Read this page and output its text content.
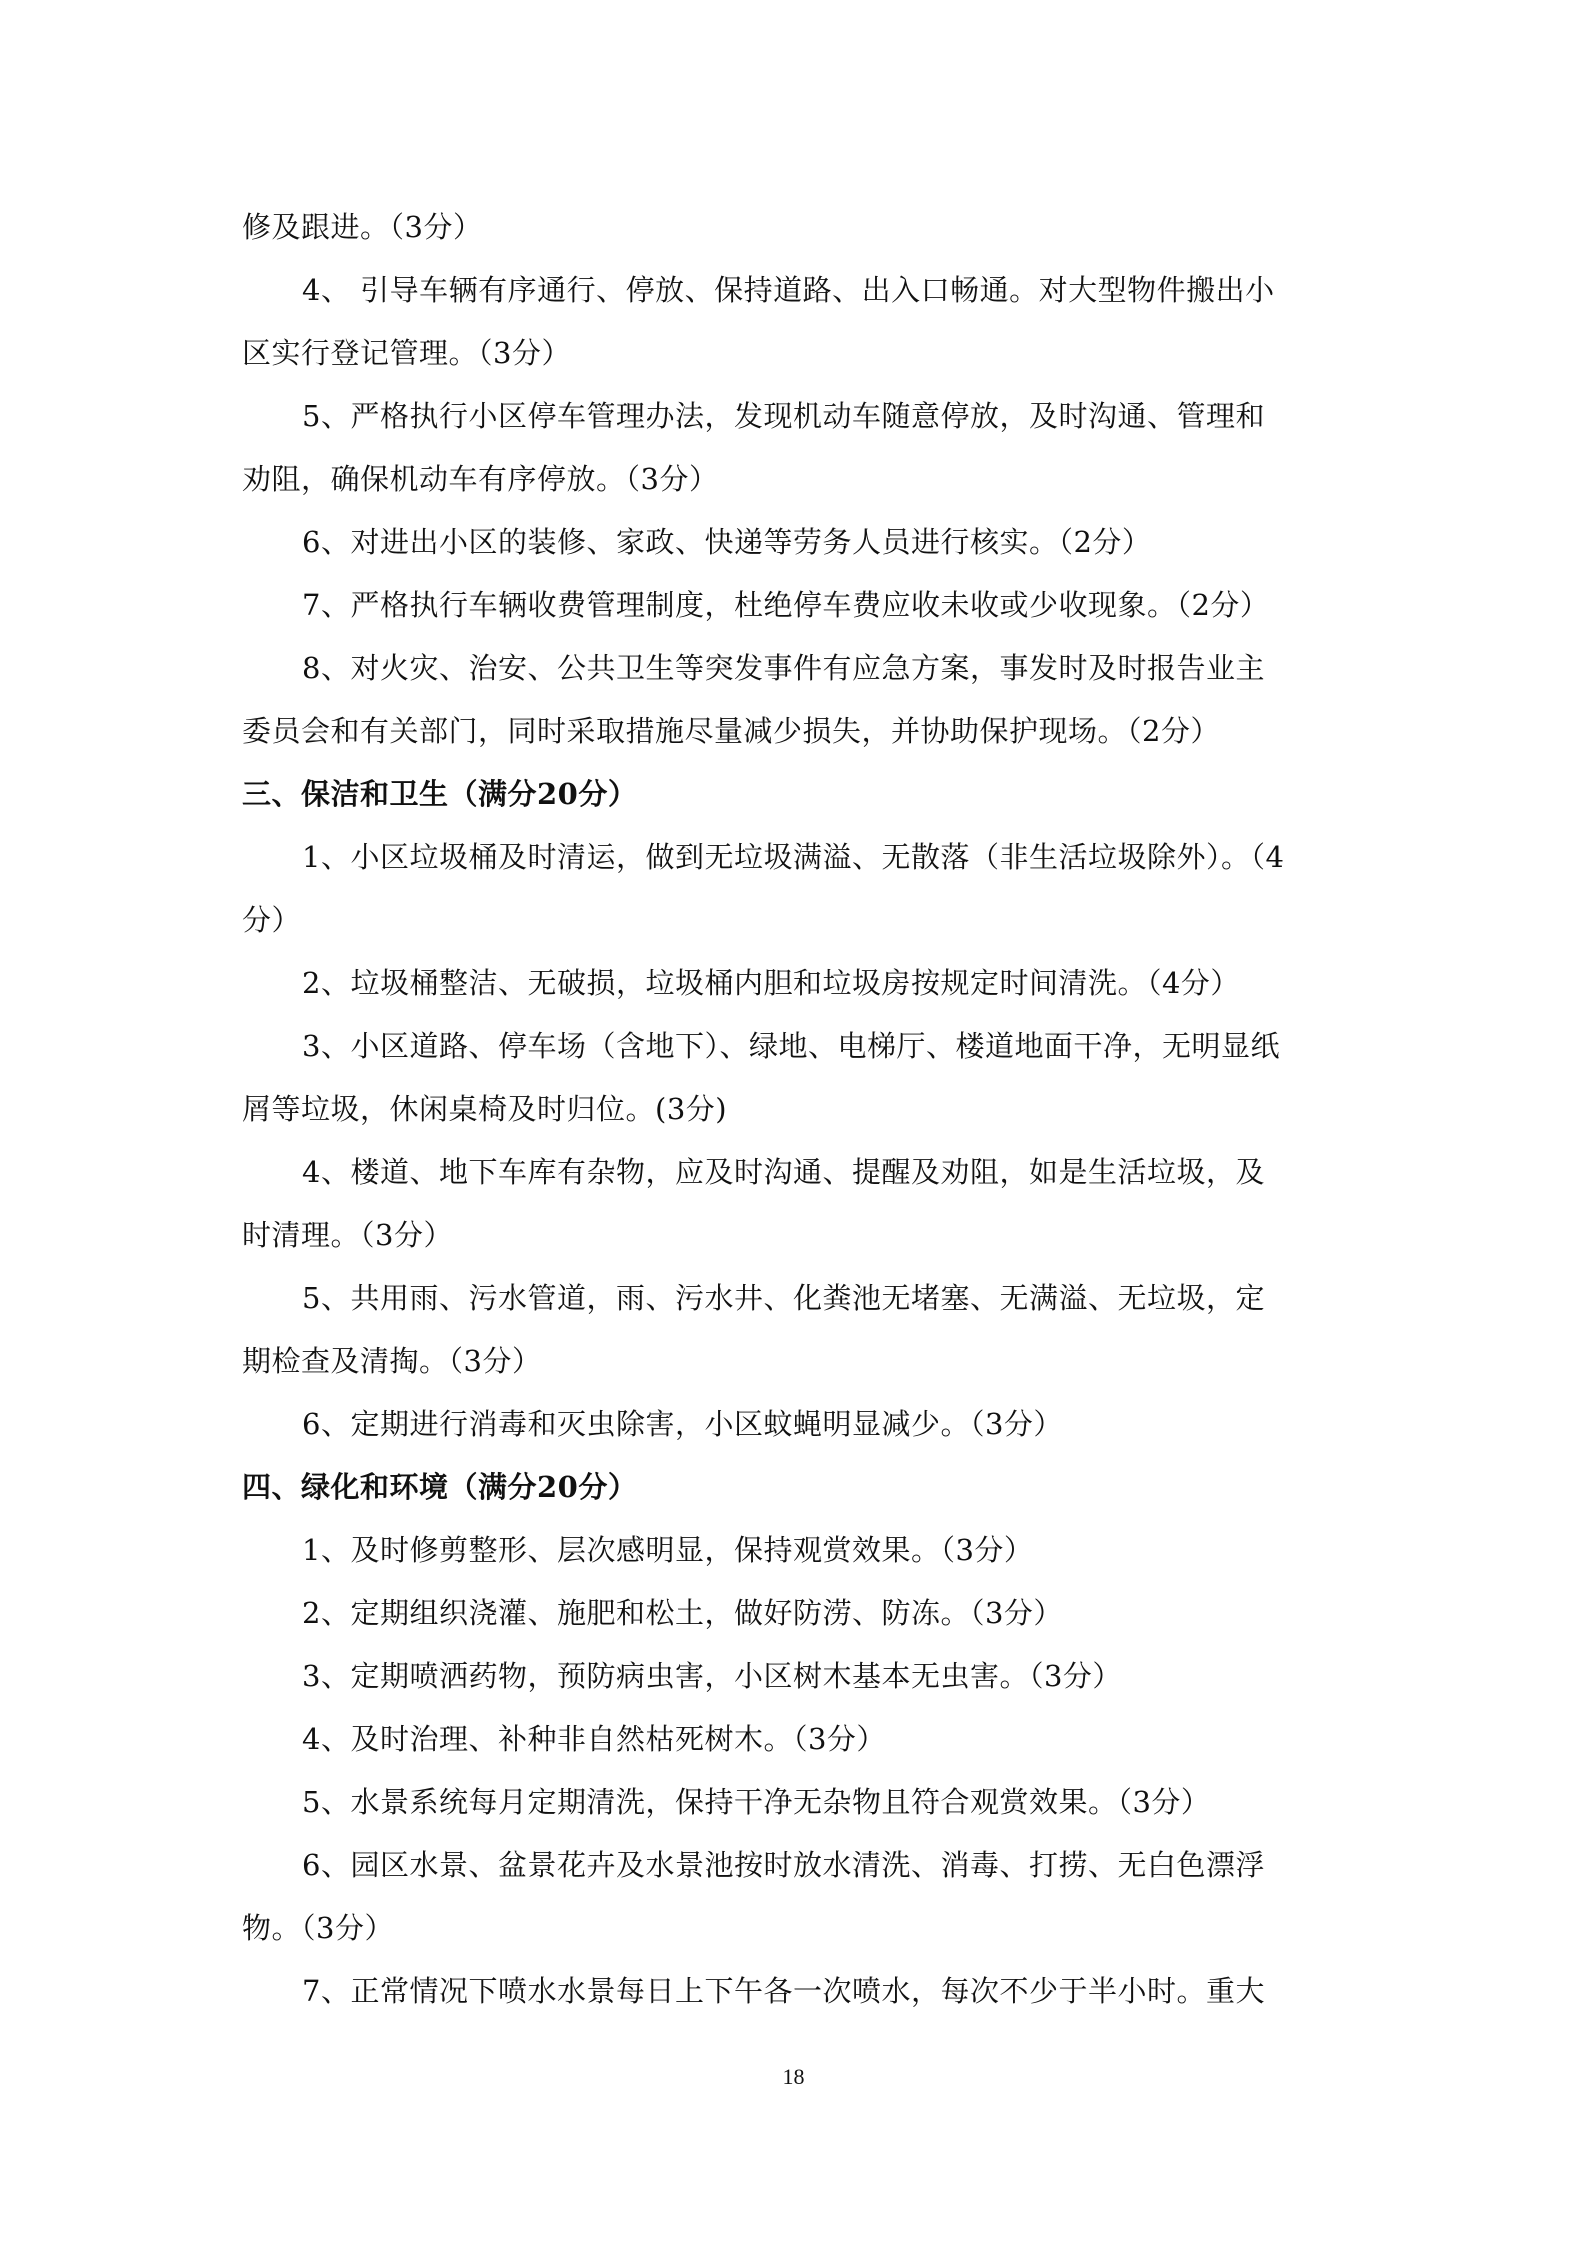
修及跟进。（3分）
4、 引导车辆有序通行、停放、保持道路、出入口畅通。对大型物件搬出小
区实行登记管理。（3分）
5、严格执行小区停车管理办法，发现机动车随意停放，及时沟通、管理和
劝阻，确保机动车有序停放。（3分）
6、对进出小区的装修、家政、快递等劳务人员进行核实。（2分）
7、严格执行车辆收费管理制度，杜绝停车费应收未收或少收现象。（2分）
8、对火灾、治安、公共卫生等突发事件有应急方案，事发时及时报告业主
委员会和有关部门，同时采取措施尽量减少损失，并协助保护现场。（2分）
三、保洁和卫生（满分20分）
1、小区垃圾桶及时清运，做到无垃圾满溢、无散落（非生活垃圾除外）。（4
分）
2、垃圾桶整洁、无破损，垃圾桶内胆和垃圾房按规定时间清洗。（4分）
3、小区道路、停车场（含地下）、绿地、电梯厅、楼道地面干净，无明显纸
屑等垃圾，休闲桌椅及时归位。(3分)
4、楼道、地下车库有杂物，应及时沟通、提醒及劝阻，如是生活垃圾，及
时清理。（3分）
5、共用雨、污水管道，雨、污水井、化粪池无堵塞、无满溢、无垃圾，定
期检查及清掏。（3分）
6、定期进行消毒和灭虫除害，小区蚊蝇明显减少。（3分）
四、绿化和环境（满分20分）
1、及时修剪整形、层次感明显，保持观赏效果。（3分）
2、定期组织浇灌、施肥和松土，做好防涝、防冻。（3分）
3、定期喷洒药物，预防病虫害，小区树木基本无虫害。（3分）
4、及时治理、补种非自然枯死树木。（3分）
5、水景系统每月定期清洗，保持干净无杂物且符合观赏效果。（3分）
6、园区水景、盆景花卉及水景池按时放水清洗、消毒、打捞、无白色漂浮
物。（3分）
7、正常情况下喷水水景每日上下午各一次喷水，每次不少于半小时。重大
18
